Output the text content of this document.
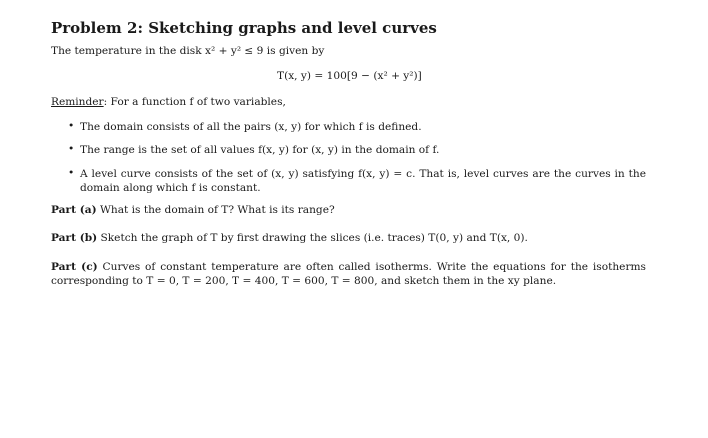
Problem 2: Sketching graphs and level curves
The temperature in the disk x² + y² ≤ 9 is given by
T(x, y) = 100[9 − (x² + y²)]
Reminder: For a function f of two variables,
• The domain consists of all the pairs (x, y) for which f is defined.
• The range is the set of all values f(x, y) for (x, y) in the domain of f.
• A level curve consists of the set of (x, y) satisfying f(x, y) = c. That is, level curves are the curves in the domain along which f is constant.
Part (a) What is the domain of T? What is its range?
Part (b) Sketch the graph of T by first drawing the slices (i.e. traces) T(0, y) and T(x, 0).
Part (c) Curves of constant temperature are often called isotherms. Write the equations for the isotherms corresponding to T = 0, T = 200, T = 400, T = 600, T = 800, and sketch them in the xy plane.
